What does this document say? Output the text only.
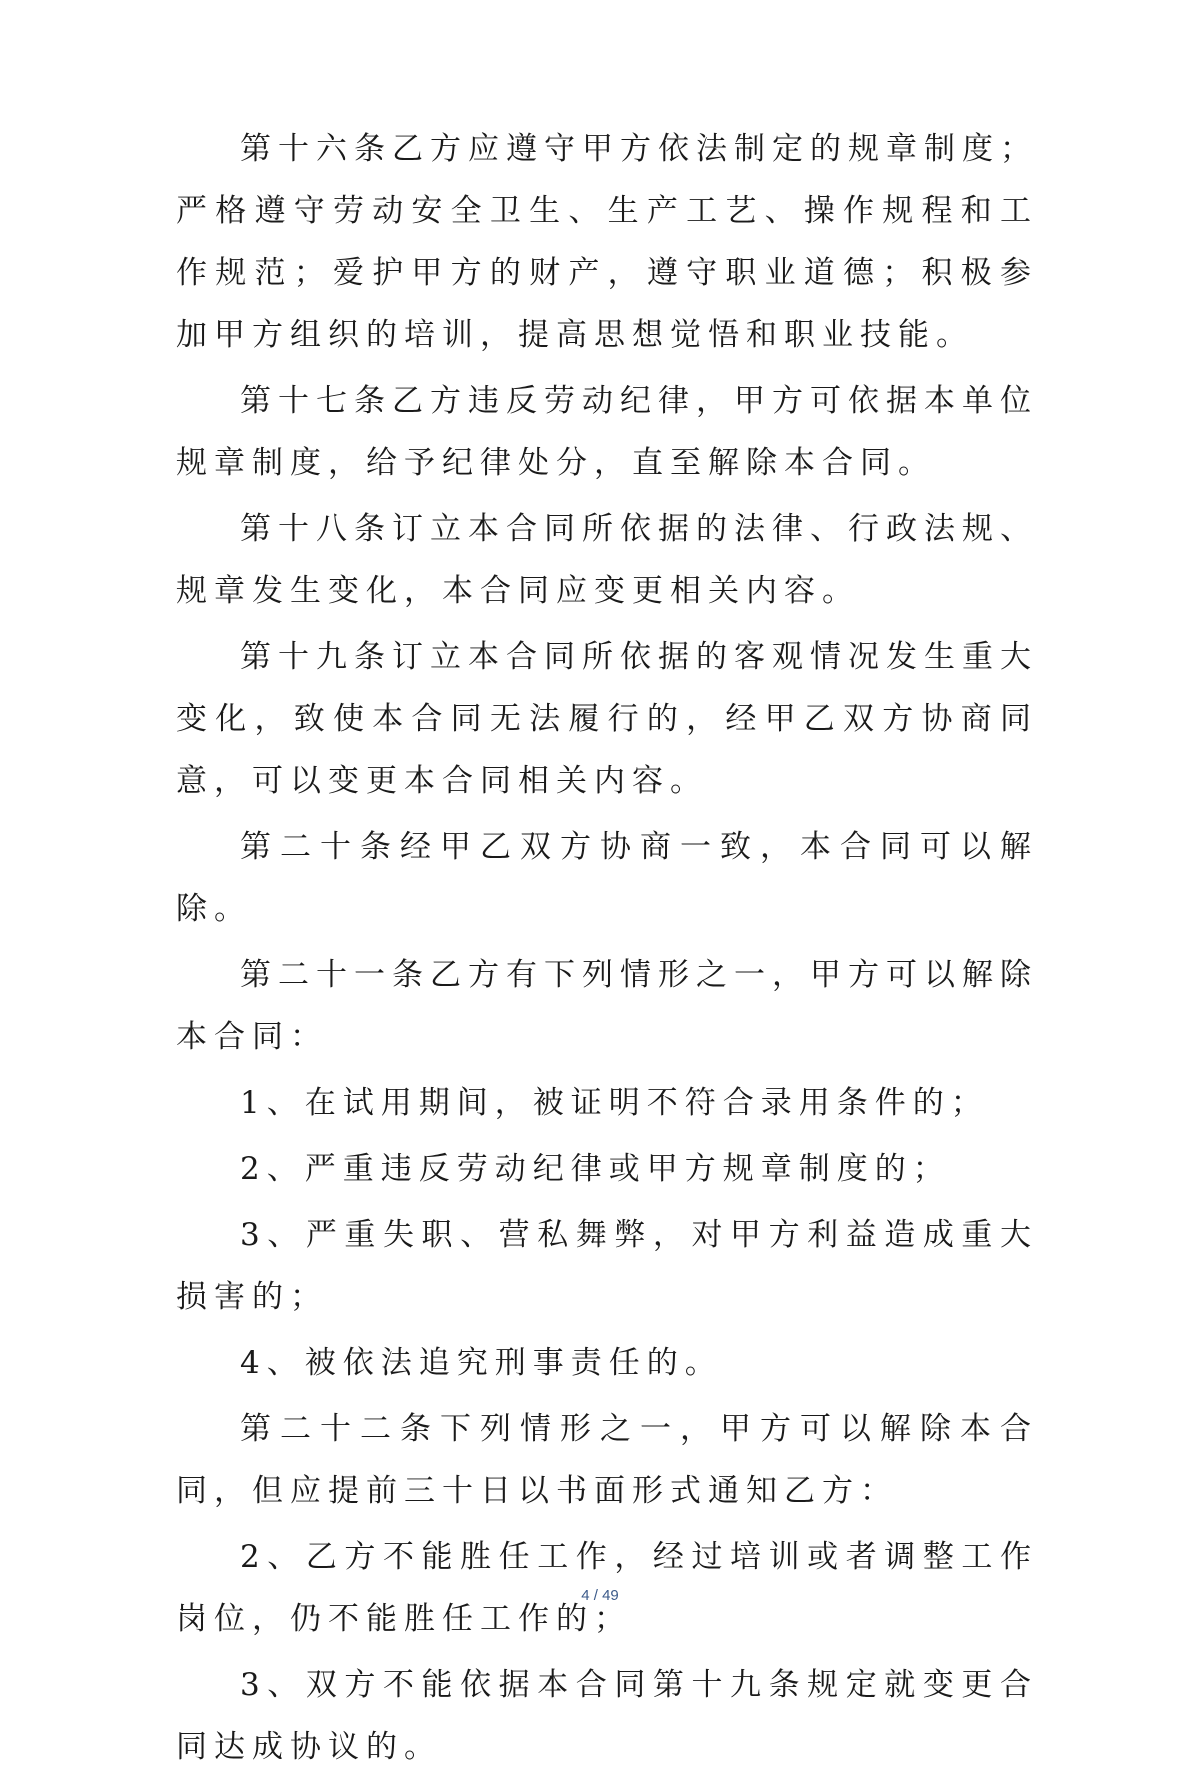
第十六条乙方应遵守甲方依法制定的规章制度；严格遵守劳动安全卫生、生产工艺、操作规程和工作规范；爱护甲方的财产，遵守职业道德；积极参加甲方组织的培训，提高思想觉悟和职业技能。

第十七条乙方违反劳动纪律，甲方可依据本单位规章制度，给予纪律处分，直至解除本合同。

第十八条订立本合同所依据的法律、行政法规、规章发生变化，本合同应变更相关内容。

第十九条订立本合同所依据的客观情况发生重大变化，致使本合同无法履行的，经甲乙双方协商同意，可以变更本合同相关内容。

第二十条经甲乙双方协商一致，本合同可以解除。

第二十一条乙方有下列情形之一，甲方可以解除本合同：

1、在试用期间，被证明不符合录用条件的；

2、严重违反劳动纪律或甲方规章制度的；

3、严重失职、营私舞弊，对甲方利益造成重大损害的；

4、被依法追究刑事责任的。

第二十二条下列情形之一，甲方可以解除本合同，但应提前三十日以书面形式通知乙方：

2、乙方不能胜任工作，经过培训或者调整工作岗位，仍不能胜任工作的；

3、双方不能依据本合同第十九条规定就变更合同达成协议的。

4 / 49
